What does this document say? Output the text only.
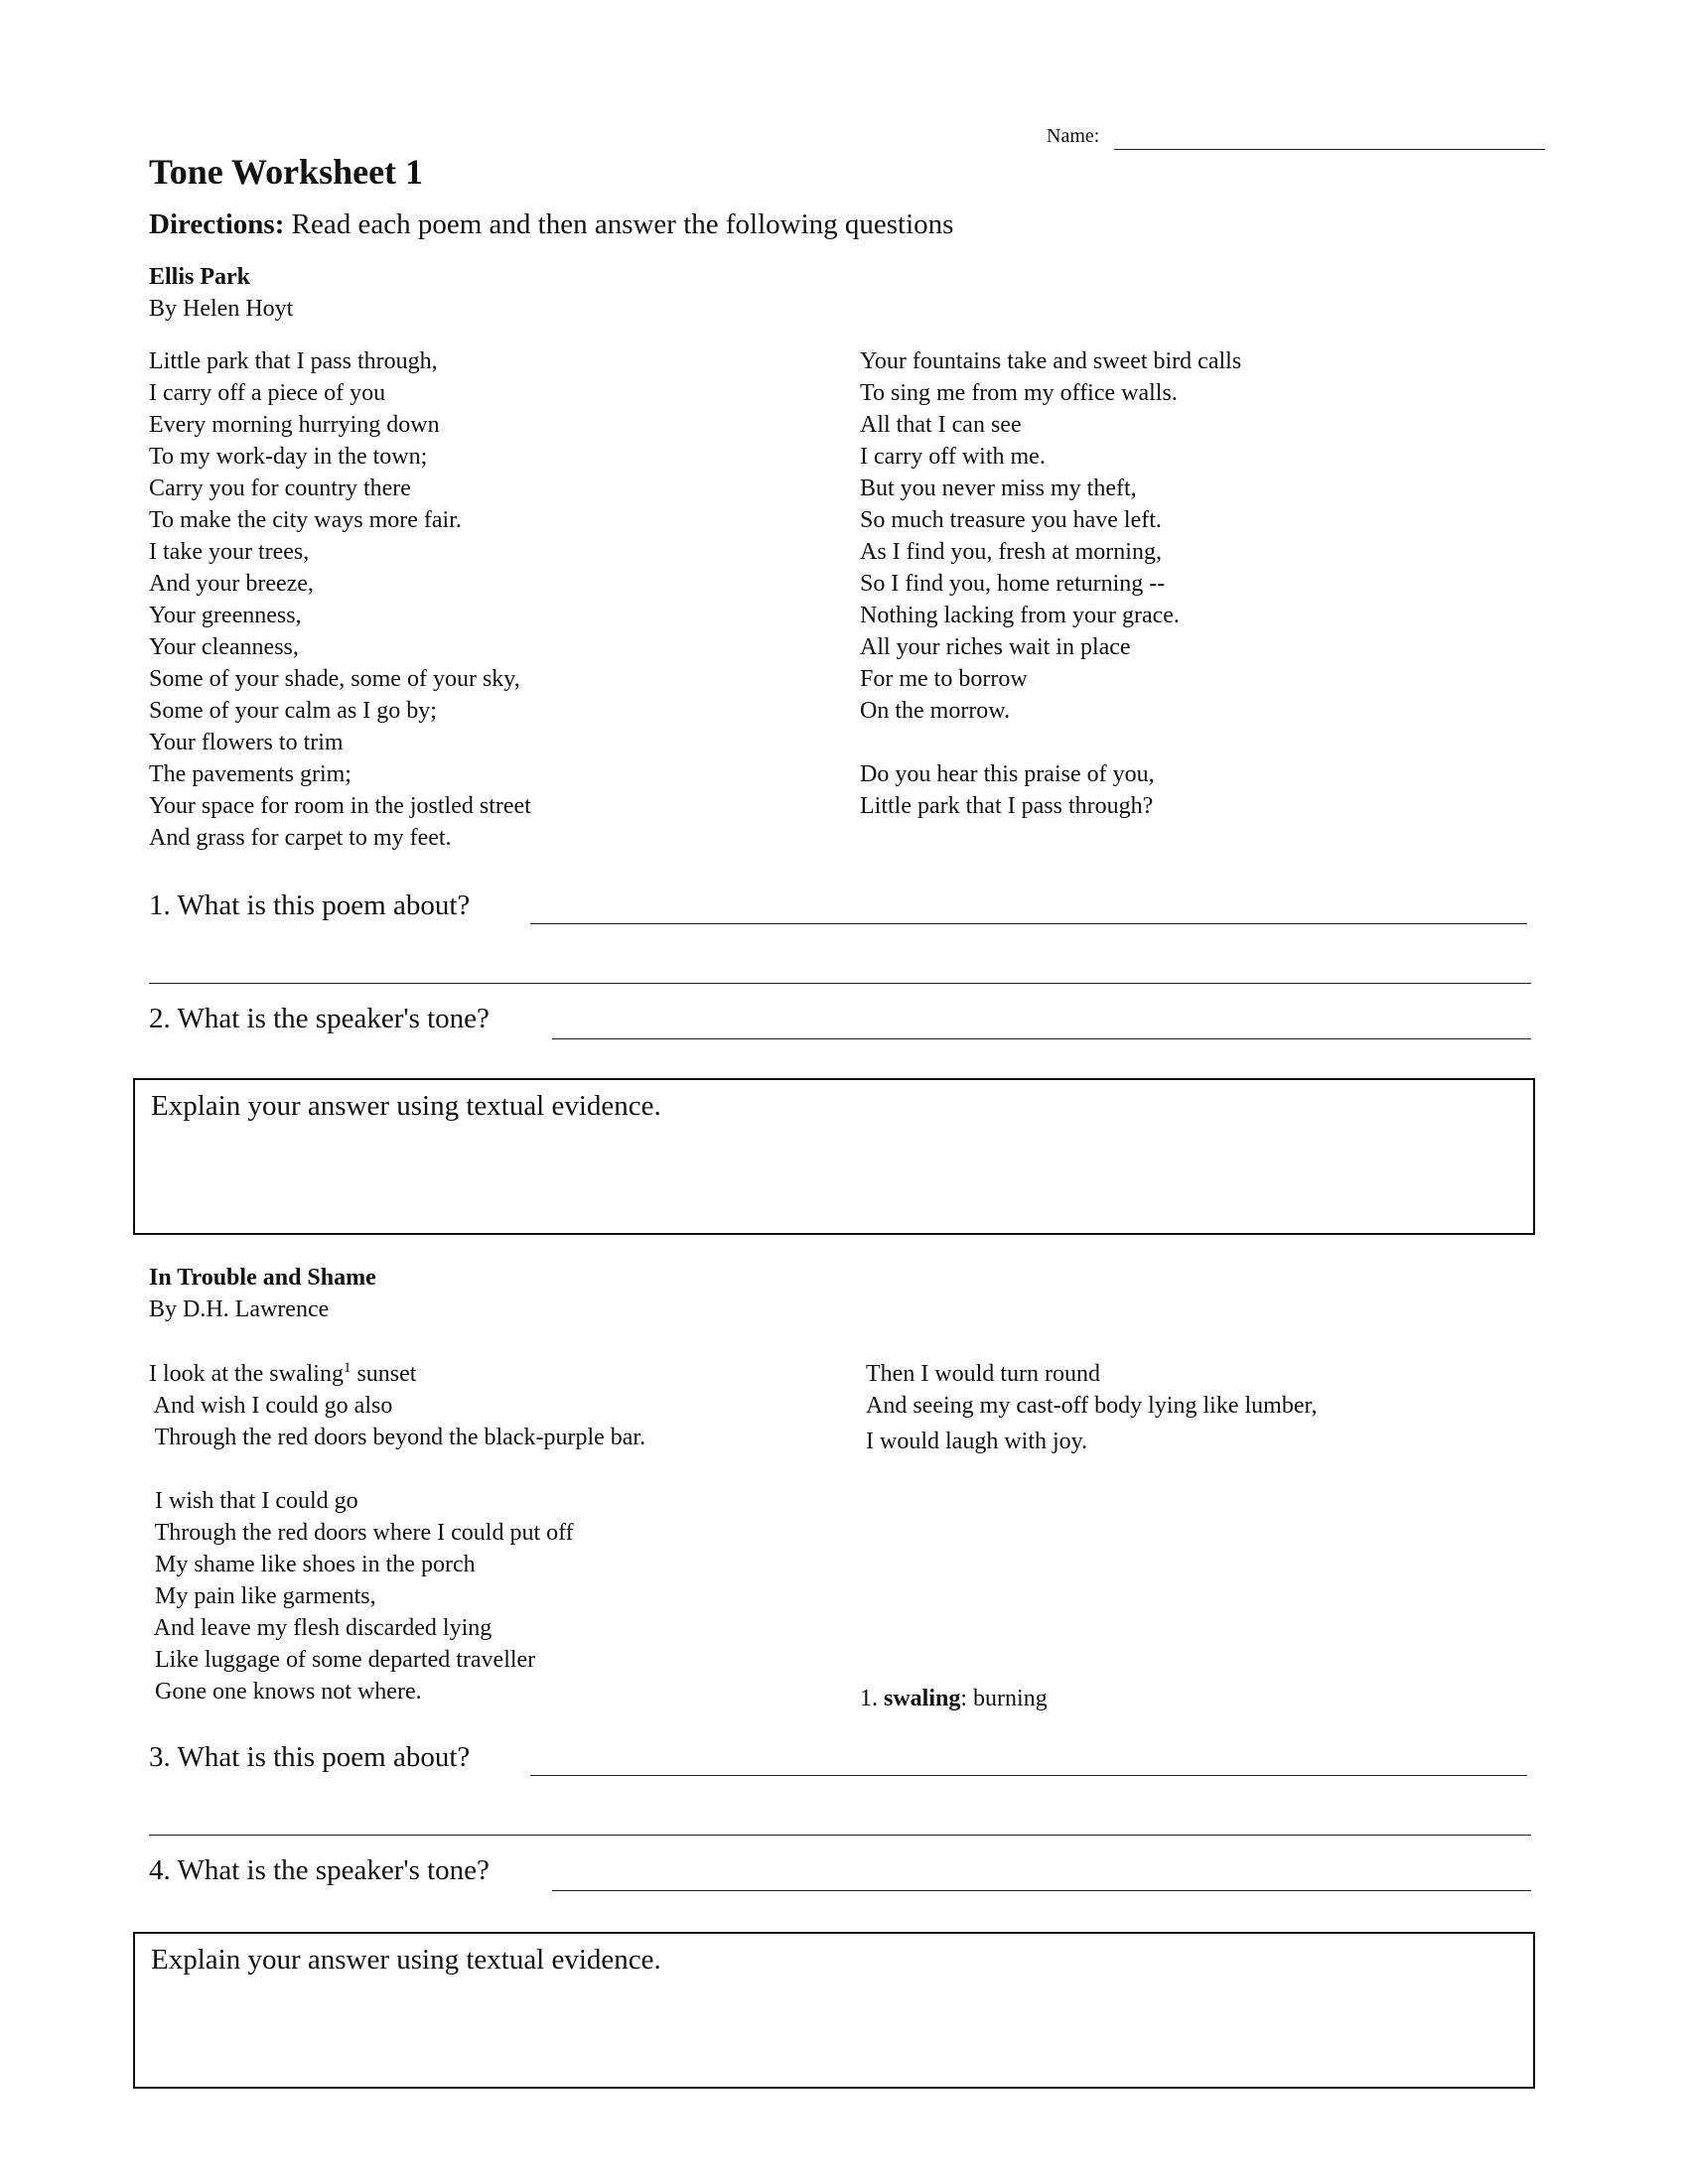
Name:
Tone Worksheet 1
Directions: Read each poem and then answer the following questions
Ellis Park
By Helen Hoyt
Little park that I pass through,
I carry off a piece of you
Every morning hurrying down
To my work-day in the town;
Carry you for country there
To make the city ways more fair.
I take your trees,
And your breeze,
Your greenness,
Your cleanness,
Some of your shade, some of your sky,
Some of your calm as I go by;
Your flowers to trim
The pavements grim;
Your space for room in the jostled street
And grass for carpet to my feet.
Your fountains take and sweet bird calls
To sing me from my office walls.
All that I can see
I carry off with me.
But you never miss my theft,
So much treasure you have left.
As I find you, fresh at morning,
So I find you, home returning --
Nothing lacking from your grace.
All your riches wait in place
For me to borrow
On the morrow.
Do you hear this praise of you,
Little park that I pass through?
1. What is this poem about?
2. What is the speaker's tone?
Explain your answer using textual evidence.
In Trouble and Shame
By D.H. Lawrence
I look at the swaling$^1$ sunset
And wish I could go also
Through the red doors beyond the black-purple bar.
I wish that I could go
Through the red doors where I could put off
My shame like shoes in the porch
My pain like garments,
And leave my flesh discarded lying
Like luggage of some departed traveller
Gone one knows not where.
Then I would turn round
And seeing my cast-off body lying like lumber,
I would laugh with joy.
1. swaling: burning
3. What is this poem about?
4. What is the speaker's tone?
Explain your answer using textual evidence.
